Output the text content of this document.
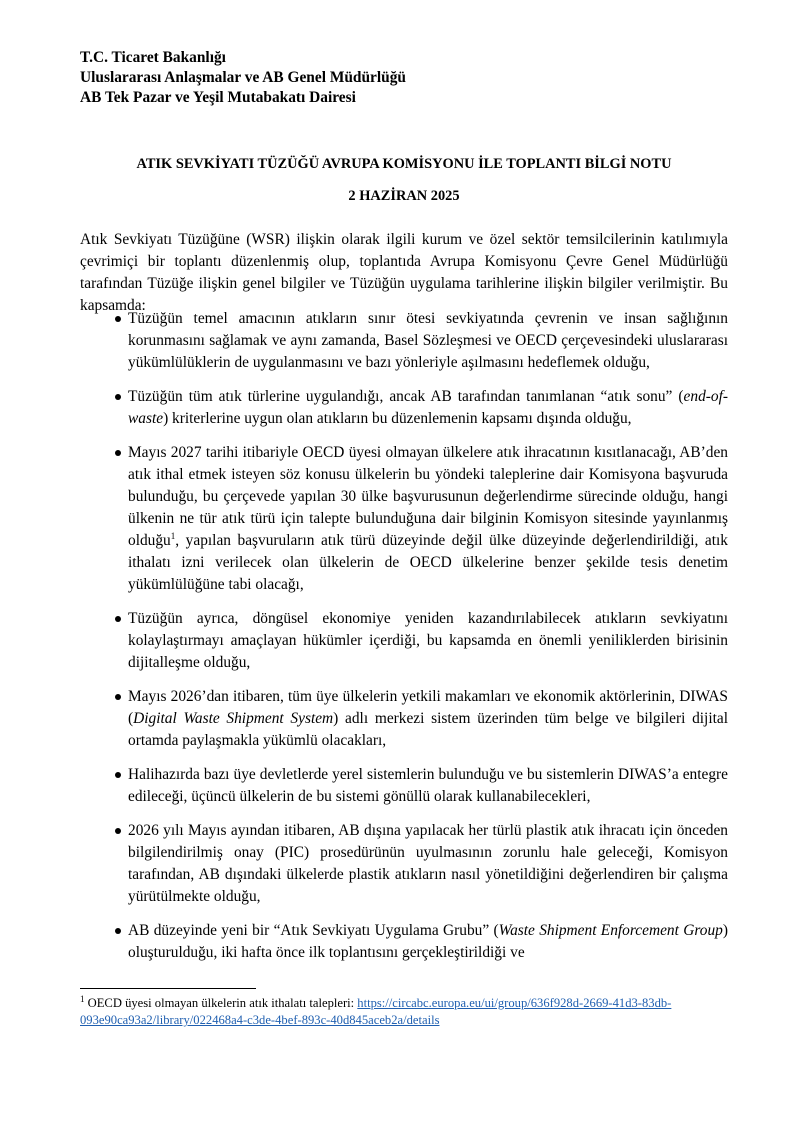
T.C. Ticaret Bakanlığı
Uluslararası Anlaşmalar ve AB Genel Müdürlüğü
AB Tek Pazar ve Yeşil Mutabakatı Dairesi
ATIK SEVKİYATI TÜZÜĞÜ AVRUPA KOMİSYONU İLE TOPLANTI BİLGİ NOTU
2 HAZİRAN 2025

Atık Sevkiyatı Tüzüğüne (WSR) ilişkin olarak ilgili kurum ve özel sektör temsilcilerinin katılımıyla çevrimiçi bir toplantı düzenlenmiş olup, toplantıda Avrupa Komisyonu Çevre Genel Müdürlüğü tarafından Tüzüğe ilişkin genel bilgiler ve Tüzüğün uygulama tarihlerine ilişkin bilgiler verilmiştir. Bu kapsamda:

Tüzüğün temel amacının atıkların sınır ötesi sevkiyatında çevrenin ve insan sağlığının korunmasını sağlamak ve aynı zamanda, Basel Sözleşmesi ve OECD çerçevesindeki uluslararası yükümlülüklerin de uygulanmasını ve bazı yönleriyle aşılmasını hedeflemek olduğu,
Tüzüğün tüm atık türlerine uygulandığı, ancak AB tarafından tanımlanan “atık sonu” (end-of-waste) kriterlerine uygun olan atıkların bu düzenlemenin kapsamı dışında olduğu,
Mayıs 2027 tarihi itibariyle OECD üyesi olmayan ülkelere atık ihracatının kısıtlanacağı, AB’den atık ithal etmek isteyen söz konusu ülkelerin bu yöndeki taleplerine dair Komisyona başvuruda bulunduğu, bu çerçevede yapılan 30 ülke başvurusunun değerlendirme sürecinde olduğu, hangi ülkenin ne tür atık türü için talepte bulunduğuna dair bilginin Komisyon sitesinde yayınlanmış olduğu$^1$, yapılan başvuruların atık türü düzeyinde değil ülke düzeyinde değerlendirildiği, atık ithalatı izni verilecek olan ülkelerin de OECD ülkelerine benzer şekilde tesis denetim yükümlülüğüne tabi olacağı,
Tüzüğün ayrıca, döngüsel ekonomiye yeniden kazandırılabilecek atıkların sevkiyatını kolaylaştırmayı amaçlayan hükümler içerdiği, bu kapsamda en önemli yeniliklerden birisinin dijitalleşme olduğu,
Mayıs 2026’dan itibaren, tüm üye ülkelerin yetkili makamları ve ekonomik aktörlerinin, DIWAS (Digital Waste Shipment System) adlı merkezi sistem üzerinden tüm belge ve bilgileri dijital ortamda paylaşmakla yükümlü olacakları,
Halihazırda bazı üye devletlerde yerel sistemlerin bulunduğu ve bu sistemlerin DIWAS’a entegre edileceği, üçüncü ülkelerin de bu sistemi gönüllü olarak kullanabilecekleri,
2026 yılı Mayıs ayından itibaren, AB dışına yapılacak her türlü plastik atık ihracatı için önceden bilgilendirilmiş onay (PIC) prosedürünün uyulmasının zorunlu hale geleceği, Komisyon tarafından, AB dışındaki ülkelerde plastik atıkların nasıl yönetildiğini değerlendiren bir çalışma yürütülmekte olduğu,
AB düzeyinde yeni bir “Atık Sevkiyatı Uygulama Grubu” (Waste Shipment Enforcement Group) oluşturulduğu, iki hafta önce ilk toplantısını gerçekleştirildiği ve
$^1$ OECD üyesi olmayan ülkelerin atık ithalatı talepleri: https://circabc.europa.eu/ui/group/636f928d-2669-41d3-83db-093e90ca93a2/library/022468a4-c3de-4bef-893c-40d845aceb2a/details
